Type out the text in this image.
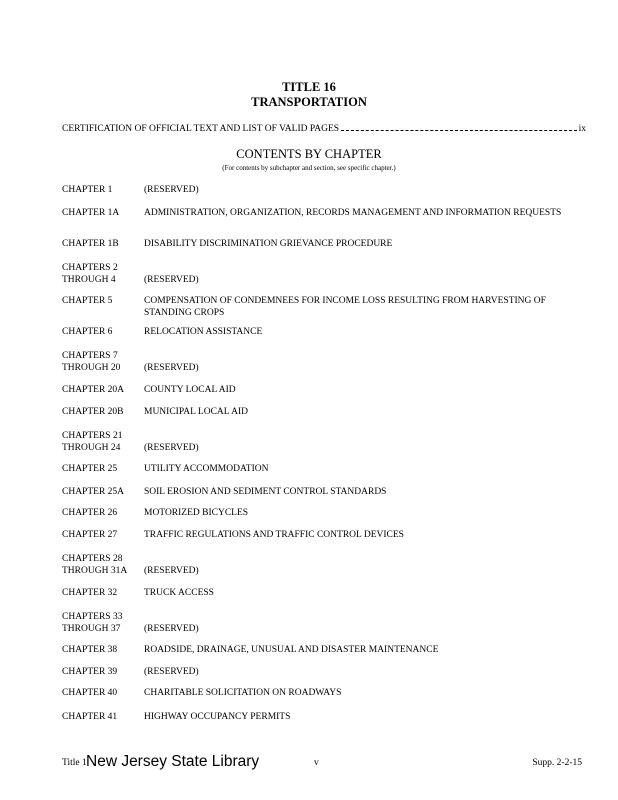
TITLE 16
TRANSPORTATION
CERTIFICATION OF OFFICIAL TEXT AND LIST OF VALID PAGES	ix
CONTENTS BY CHAPTER
(For contents by subchapter and section, see specific chapter.)
CHAPTER 1	(RESERVED)
CHAPTER 1A	ADMINISTRATION, ORGANIZATION, RECORDS MANAGEMENT AND INFORMATION REQUESTS
CHAPTER 1B	DISABILITY DISCRIMINATION GRIEVANCE PROCEDURE
CHAPTERS 2 THROUGH 4	(RESERVED)
CHAPTER 5	COMPENSATION OF CONDEMNEES FOR INCOME LOSS RESULTING FROM HARVESTING OF STANDING CROPS
CHAPTER 6	RELOCATION ASSISTANCE
CHAPTERS 7 THROUGH 20	(RESERVED)
CHAPTER 20A	COUNTY LOCAL AID
CHAPTER 20B	MUNICIPAL LOCAL AID
CHAPTERS 21 THROUGH 24	(RESERVED)
CHAPTER 25	UTILITY ACCOMMODATION
CHAPTER 25A	SOIL EROSION AND SEDIMENT CONTROL STANDARDS
CHAPTER 26	MOTORIZED BICYCLES
CHAPTER 27	TRAFFIC REGULATIONS AND TRAFFIC CONTROL DEVICES
CHAPTERS 28 THROUGH 31A	(RESERVED)
CHAPTER 32	TRUCK ACCESS
CHAPTERS 33 THROUGH 37	(RESERVED)
CHAPTER 38	ROADSIDE, DRAINAGE, UNUSUAL AND DISASTER MAINTENANCE
CHAPTER 39	(RESERVED)
CHAPTER 40	CHARITABLE SOLICITATION ON ROADWAYS
CHAPTER 41	HIGHWAY OCCUPANCY PERMITS
Title 1 New Jersey State Library	v	Supp. 2-2-15
